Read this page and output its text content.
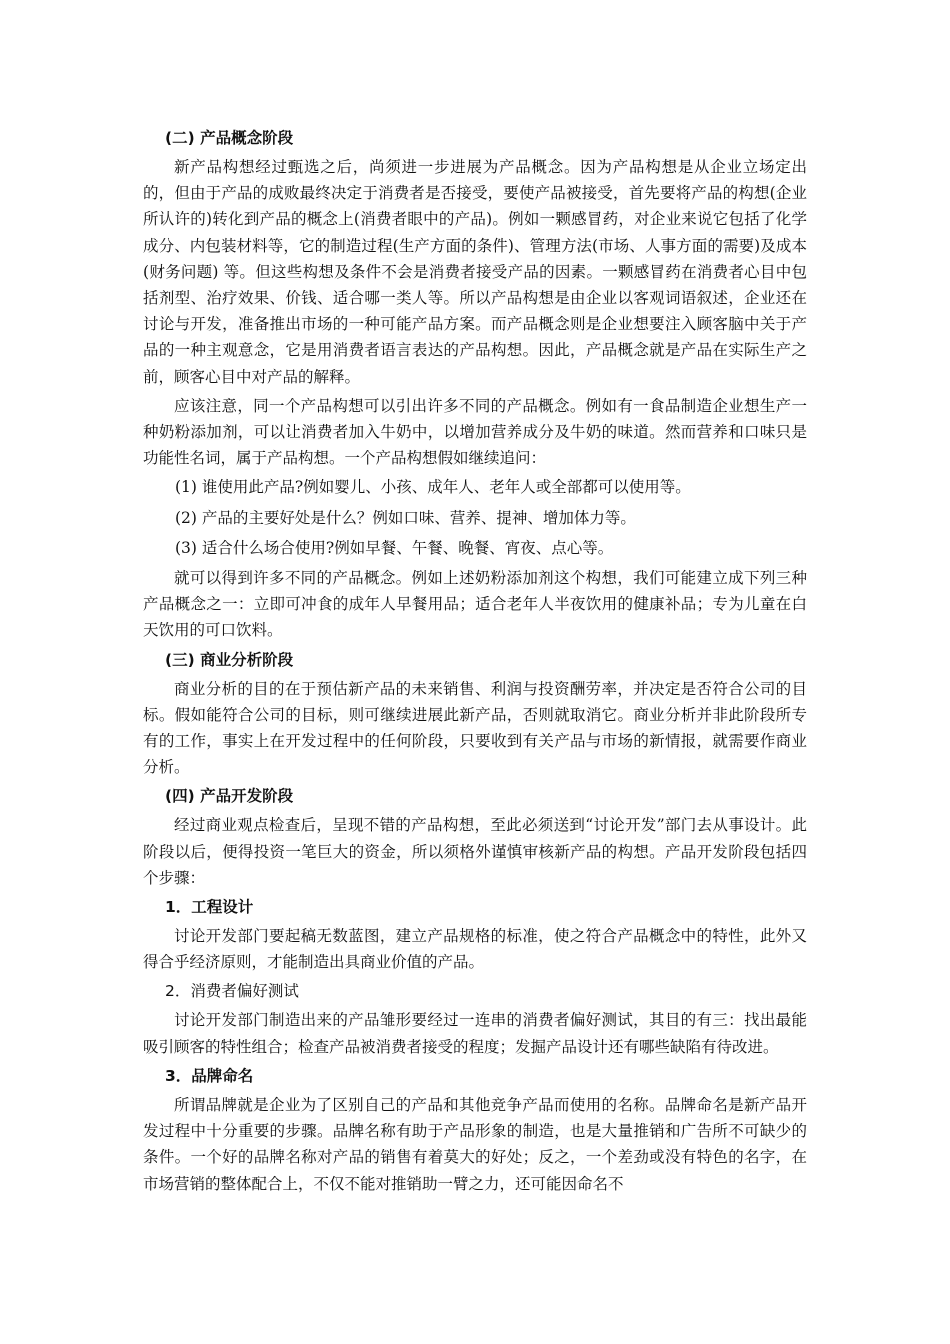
(二) 产品概念阶段

新产品构想经过甄选之后，尚须进一步进展为产品概念。因为产品构想是从企业立场定出的，但由于产品的成败最终决定于消费者是否接受，要使产品被接受，首先要将产品的构想(企业所认许的)转化到产品的概念上(消费者眼中的产品)。例如一颗感冒药，对企业来说它包括了化学成分、内包装材料等，它的制造过程(生产方面的条件)、管理方法(市场、人事方面的需要)及成本(财务问题) 等。但这些构想及条件不会是消费者接受产品的因素。一颗感冒药在消费者心目中包括剂型、治疗效果、价钱、适合哪一类人等。所以产品构想是由企业以客观词语叙述，企业还在讨论与开发，准备推出市场的一种可能产品方案。而产品概念则是企业想要注入顾客脑中关于产品的一种主观意念，它是用消费者语言表达的产品构想。因此，产品概念就是产品在实际生产之前，顾客心目中对产品的解释。

应该注意，同一个产品构想可以引出许多不同的产品概念。例如有一食品制造企业想生产一种奶粉添加剂，可以让消费者加入牛奶中，以增加营养成分及牛奶的味道。然而营养和口味只是功能性名词，属于产品构想。一个产品构想假如继续追问：

(1) 谁使用此产品?例如婴儿、小孩、成年人、老年人或全部都可以使用等。
(2) 产品的主要好处是什么？例如口味、营养、提神、增加体力等。
(3) 适合什么场合使用?例如早餐、午餐、晚餐、宵夜、点心等。

就可以得到许多不同的产品概念。例如上述奶粉添加剂这个构想，我们可能建立成下列三种产品概念之一：立即可冲食的成年人早餐用品；适合老年人半夜饮用的健康补品；专为儿童在白天饮用的可口饮料。

(三) 商业分析阶段

商业分析的目的在于预估新产品的未来销售、利润与投资酬劳率，并决定是否符合公司的目标。假如能符合公司的目标，则可继续进展此新产品，否则就取消它。商业分析并非此阶段所专有的工作，事实上在开发过程中的任何阶段，只要收到有关产品与市场的新情报，就需要作商业分析。

(四) 产品开发阶段

经过商业观点检查后，呈现不错的产品构想，至此必须送到“讨论开发”部门去从事设计。此阶段以后，便得投资一笔巨大的资金，所以须格外谨慎审核新产品的构想。产品开发阶段包括四个步骤：

1．工程设计

讨论开发部门要起稿无数蓝图，建立产品规格的标准，使之符合产品概念中的特性，此外又得合乎经济原则，才能制造出具商业价值的产品。

2．消费者偏好测试

讨论开发部门制造出来的产品雏形要经过一连串的消费者偏好测试，其目的有三：找出最能吸引顾客的特性组合；检查产品被消费者接受的程度；发掘产品设计还有哪些缺陷有待改进。

3．品牌命名

所谓品牌就是企业为了区别自己的产品和其他竞争产品而使用的名称。品牌命名是新产品开发过程中十分重要的步骤。品牌名称有助于产品形象的制造，也是大量推销和广告所不可缺少的条件。一个好的品牌名称对产品的销售有着莫大的好处；反之，一个差劲或没有特色的名字，在市场营销的整体配合上，不仅不能对推销助一臂之力，还可能因命名不
